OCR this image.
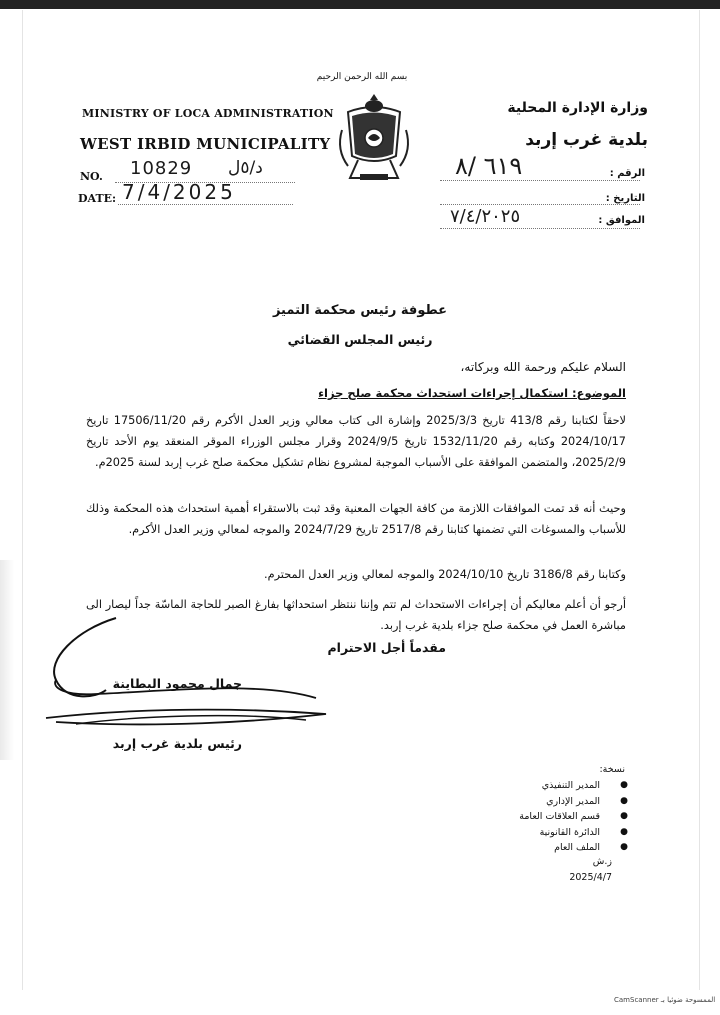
بسم الله الرحمن الرحيم
MINISTRY OF LOCA ADMINISTRATION
WEST IRBID MUNICIPALITY
NO. 10829 د/٥ل
DATE: 7/4/2025
وزارة الإدارة المحلية
بلدية غرب إربد
الرقم :
٦١٩ /٨
التاريخ :
الموافق :
٧/٤/٢٠٢٥
عطوفة رئيس محكمة التميز
رئيس المجلس القضائي
السلام عليكم ورحمة الله وبركاته،
الموضوع: استكمال إجراءات استحداث محكمة صلح جزاء
لاحقاً لكتابنا رقم 413/8 تاريخ 2025/3/3 وإشارة الى كتاب معالي وزير العدل الأكرم رقم 17506/11/20 تاريخ 2024/10/17 وكتابه رقم 1532/11/20 تاريخ 2024/9/5 وقرار مجلس الوزراء الموقر المنعقد يوم الأحد تاريخ 2025/2/9، والمتضمن الموافقة على الأسباب الموجبة لمشروع نظام تشكيل محكمة صلح غرب إربد لسنة 2025م.
وحيث أنه قد تمت الموافقات اللازمة من كافة الجهات المعنية وقد ثبت بالاستقراء أهمية استحداث هذه المحكمة وذلك للأسباب والمسوغات التي تضمنها كتابنا رقم 2517/8 تاريخ 2024/7/29 والموجه لمعالي وزير العدل الأكرم.
وكتابنا رقم 3186/8 تاريخ 2024/10/10 والموجه لمعالي وزير العدل المحترم.
أرجو أن أعلم معاليكم أن إجراءات الاستحداث لم تتم وإننا ننتظر استحداثها بفارغ الصبر للحاجة الماسّة جداً ليصار الى مباشرة العمل في محكمة صلح جزاء بلدية غرب إربد.
مقدماً أجل الاحترام
جمال محمود البطاينة
رئيس بلدية غرب إربد
نسخة:
●
المدير التنفيذي
●
المدير الإداري
●
قسم العلاقات العامة
●
الدائرة القانونية
●
الملف العام
ز.ش
2025/4/7
CamScanner الممسوحة ضوئيا بـ
